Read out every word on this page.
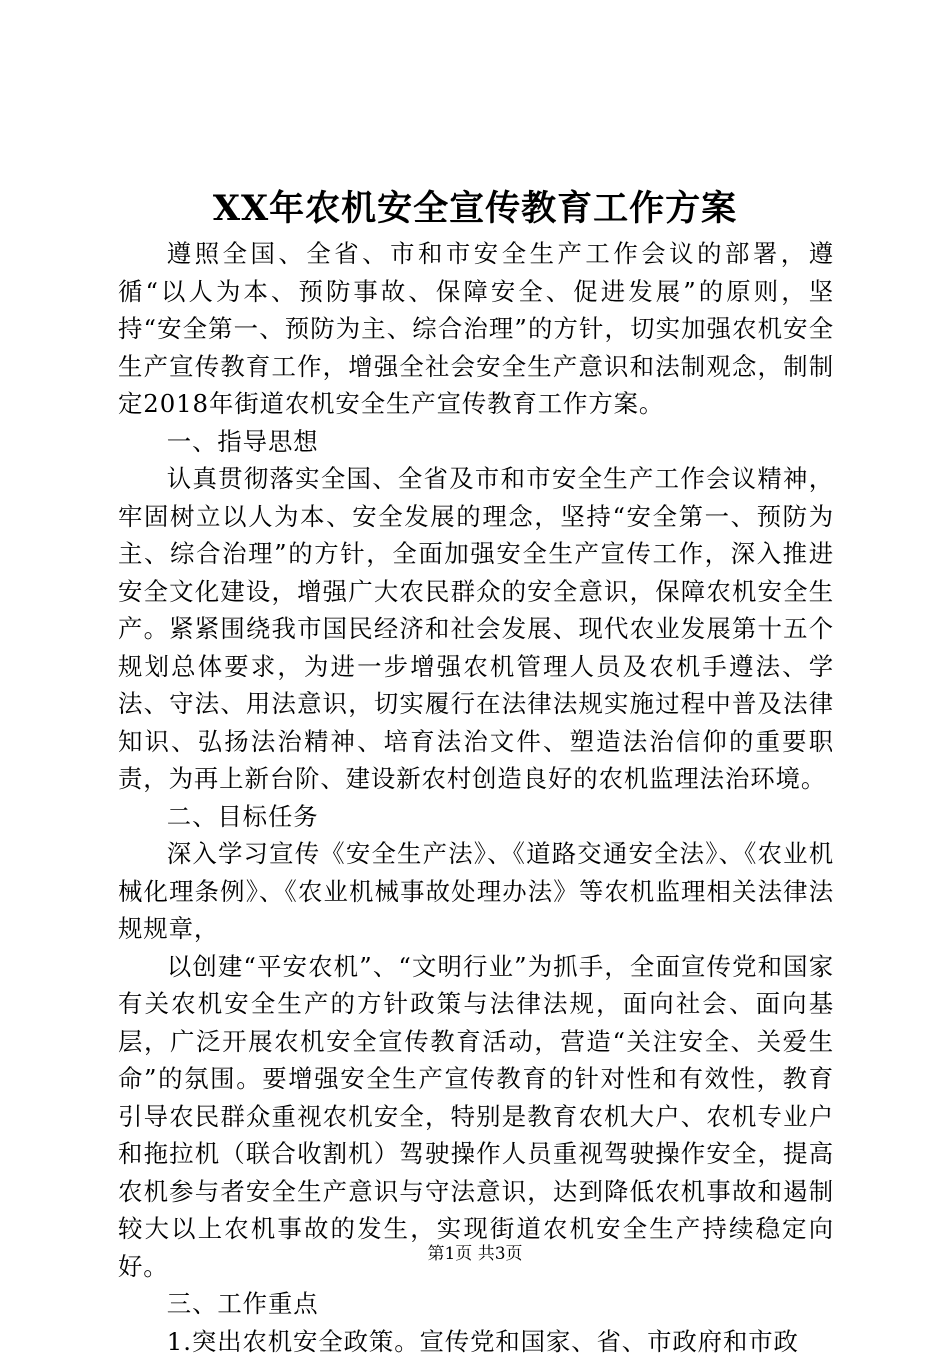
XX年农机安全宣传教育工作方案

遵照全国、全省、市和市安全生产工作会议的部署，遵循“以人为本、预防事故、保障安全、促进发展”的原则，坚持“安全第一、预防为主、综合治理”的方针，切实加强农机安全生产宣传教育工作，增强全社会安全生产意识和法制观念，制制定2018年街道农机安全生产宣传教育工作方案。

一、指导思想

认真贯彻落实全国、全省及市和市安全生产工作会议精神，牢固树立以人为本、安全发展的理念，坚持“安全第一、预防为主、综合治理”的方针，全面加强安全生产宣传工作，深入推进安全文化建设，增强广大农民群众的安全意识，保障农机安全生产。紧紧围绕我市国民经济和社会发展、现代农业发展第十五个规划总体要求，为进一步增强农机管理人员及农机手遵法、学法、守法、用法意识，切实履行在法律法规实施过程中普及法律知识、弘扬法治精神、培育法治文件、塑造法治信仰的重要职责，为再上新台阶、建设新农村创造良好的农机监理法治环境。

二、目标任务

深入学习宣传《安全生产法》、《道路交通安全法》、《农业机械化理条例》、《农业机械事故处理办法》等农机监理相关法律法规规章，

以创建“平安农机”、“文明行业”为抓手，全面宣传党和国家有关农机安全生产的方针政策与法律法规，面向社会、面向基层，广泛开展农机安全宣传教育活动，营造“关注安全、关爱生命”的氛围。要增强安全生产宣传教育的针对性和有效性，教育引导农民群众重视农机安全，特别是教育农机大户、农机专业户和拖拉机（联合收割机）驾驶操作人员重视驾驶操作安全，提高农机参与者安全生产意识与守法意识，达到降低农机事故和遏制较大以上农机事故的发生，实现街道农机安全生产持续稳定向好。

三、工作重点

1.突出农机安全政策。宣传党和国家、省、市政府和市政

第1页 共3页
